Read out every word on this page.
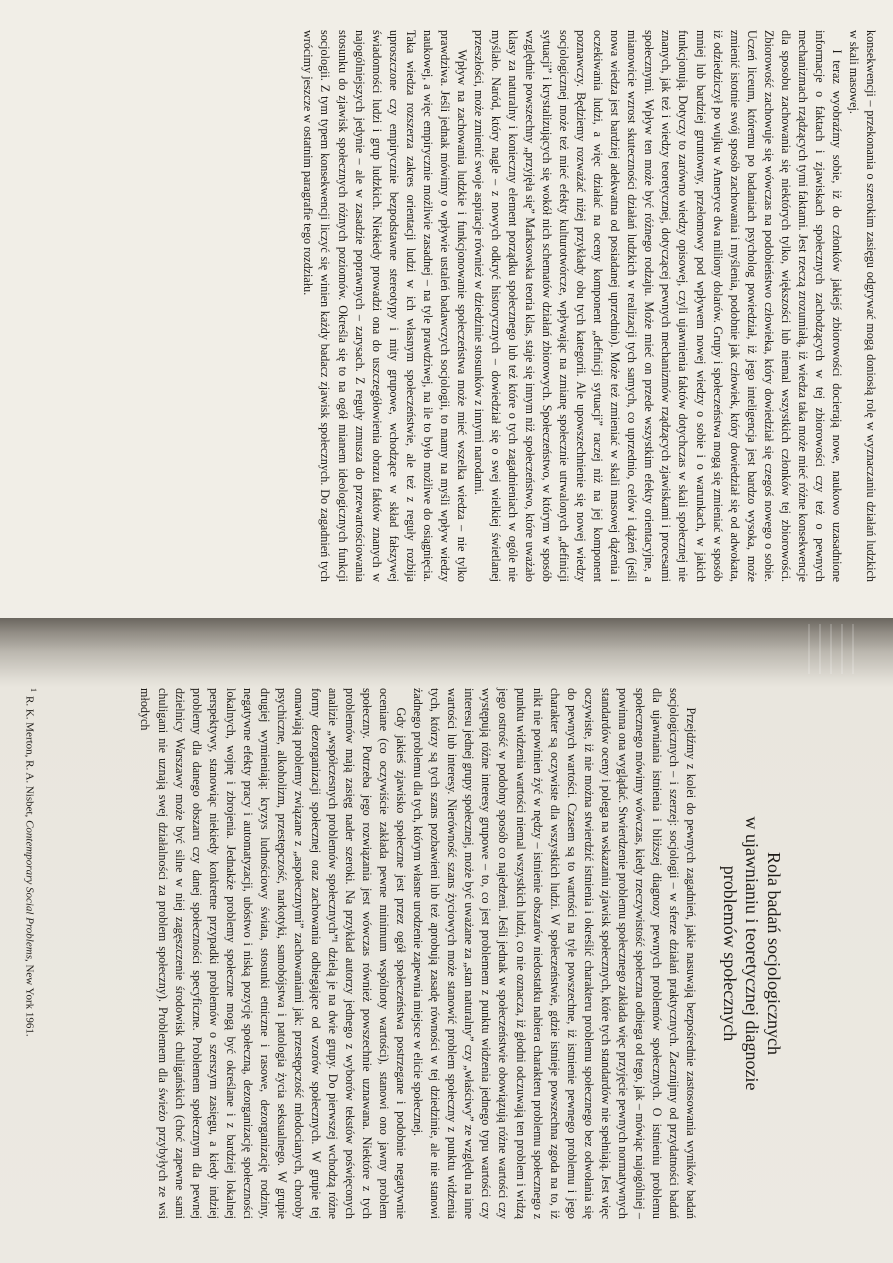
konsekwencji – przekonania o szerokim zasięgu odgrywać mogą doniosłą rolę w wyznaczaniu działań ludzkich w skali masowej.

I teraz wyobraźmy sobie, iż do członków jakiejś zbiorowości docierają nowe, naukowo uzasadnione informacje o faktach i zjawiskach społecznych zachodzących w tej zbiorowości czy też o pewnych mechanizmach rządzących tymi faktami. Jest rzeczą zrozumiałą, iż wiedza taka może mieć różne konsekwencje dla sposobu zachowania się niektórych tylko, większości lub niemal wszystkich członków tej zbiorowości. Zbiorowość zachowuje się wówczas na podobieństwo człowieka, który dowiedział się czegoś nowego o sobie. Uczeń liceum, któremu po badaniach psycholog powiedział, iż jego inteligencja jest bardzo wysoka, może zmienić istotnie swój sposób zachowania i myślenia, podobnie jak człowiek, który dowiedział się od adwokata, iż odziedziczył po wujku w Ameryce dwa miliony dolarów. Grupy i społeczeństwa mogą się zmieniać w sposób mniej lub bardziej gruntowny, przełomowy pod wpływem nowej wiedzy o sobie i o warunkach, w jakich funkcjonują. Dotyczy to zarówno wiedzy opisowej, czyli ujawnienia faktów dotychczas w skali społecznej nie znanych, jak też i wiedzy teoretycznej, dotyczącej pewnych mechanizmów rządzących zjawiskami i procesami społecznymi. Wpływ ten może być różnego rodzaju. Może mieć on przede wszystkim efekty orientacyjne, a mianowicie wzrost skuteczności działań ludzkich w realizacji tych samych, co uprzednio, celów i dążeń (jeśli nowa wiedza jest bardziej adekwatna od posiadanej uprzednio). Może też zmieniać w skali masowej dążenia i oczekiwania ludzi, a więc działać na oceny komponent „definicji sytuacji” raczej niż na jej komponent poznawczy. Będziemy rozważać niżej przykłady obu tych kategorii. Ale upowszechnienie się nowej wiedzy socjologicznej może też mieć efekty kulturotwórcze, wpływając na zmianę społecznie utrwalonych „definicji sytuacji” i krystalizujących się wokół nich schematów działań zbiorowych. Społeczeństwo, w którym w sposób względnie powszechny „przyjęła się” Marksowska teoria klas, staje się innym niż społeczeństwo, które uważało klasy za naturalny i konieczny element porządku społecznego lub też które o tych zagadnieniach w ogóle nie myślało. Naród, który nagle – z nowych odkryć historycznych – dowiedział się o swej wielkiej świetlanej przeszłości, może zmienić swoje aspiracje również w dziedzinie stosunków z innymi narodami.

Wpływ na zachowania ludzkie i funkcjonowanie społeczeństwa może mieć wszelka wiedza – nie tylko prawdziwa. Jeśli jednak mówimy o wpływie ustaleń badawczych socjologii, to mamy na myśli wpływ wiedzy naukowej, a więc empirycznie możliwie zasadnej – na tyle prawdziwej, na ile to było możliwe do osiągnięcia. Taka wiedza rozszerza zakres orientacji ludzi w ich własnym społeczeństwie, ale też z reguły rozbija uproszczone czy empirycznie bezpodstawne stereotypy i mity grupowe, wchodzące w skład fałszywej świadomości ludzi i grup ludzkich. Niekiedy prowadzi ona do uszczegółowienia obrazu faktów znanych w najogólniejszych jedynie – ale w zasadzie poprawnych – zarysach. Z reguły zmusza do przewartościowania stosunku do zjawisk społecznych różnych poziomów. Określa się to na ogół mianem ideologicznych funkcji socjologii. Z tym typem konsekwencji liczyć się winien każdy badacz zjawisk społecznych. Do zagadnień tych wrócimy jeszcze w ostatnim paragrafie tego rozdziału.

Rola badań socjologicznych
w ujawnianiu i teoretycznej diagnozie
problemów społecznych

Przejdźmy z kolei do pewnych zagadnień, jakie nasuwają bezpośrednie zastosowania wyników badań socjologicznych – i szerzej: socjologii – w sferze działań praktycznych. Zacznijmy od przydatności badań dla ujawniania istnienia i bliższej diagnozy pewnych problemów społecznych. O istnieniu problemu społecznego mówimy wówczas, kiedy rzeczywistość społeczna odbiega od tego, jak – mówiąc najogólniej – powinna ona wyglądać. Stwierdzenie problemu społecznego zakłada więc przyjęcie pewnych normatywnych standardów oceny i polega na wskazaniu zjawisk społecznych, które tych standardów nie spełniają. Jest więc oczywiste, iż nie można stwierdzić istnienia i określić charakteru problemu społecznego bez odwołania się do pewnych wartości. Czasem są to wartości na tyle powszechne, iż istnienie pewnego problemu i jego charakter są oczywiste dla wszystkich ludzi. W społeczeństwie, gdzie istnieje powszechna zgoda na to, iż nikt nie powinien żyć w nędzy – istnienie obszarów niedostatku nabiera charakteru problemu społecznego z punktu widzenia wartości niemal wszystkich ludzi, co nie oznacza, iż głodni odczuwają ten problem i widzą jego ostrość w podobny sposób co najedzeni. Jeśli jednak w społeczeństwie obowiązują różne wartości czy występują różne interesy grupowe – to, co jest problemem z punktu widzenia jednego typu wartości czy interesu jednej grupy społecznej, może być uważane za „stan naturalny” czy „właściwy” ze względu na inne wartości lub interesy. Nierówność szans życiowych może stanowić problem społeczny z punktu widzenia tych, którzy są tych szans pozbawieni lub też aprobują zasadę równości w tej dziedzinie, ale nie stanowi żadnego problemu dla tych, którym własne urodzenie zapewnia miejsce w elicie społecznej.

Gdy jakieś zjawisko społeczne jest przez ogół społeczeństwa postrzegane i podobnie negatywnie oceniane (co oczywiście zakłada pewne minimum wspólnoty wartości), stanowi ono jawny problem społeczny. Potrzeba jego rozwiązania jest wówczas również powszechnie uznawana. Niektóre z tych problemów mają zasięg nader szeroki. Na przykład autorzy jednego z wyborów tekstów poświęconych analizie „współczesnych problemów społecznych”¹ dzielą je na dwie grupy. Do pierwszej wchodzą różne formy dezorganizacji społecznej oraz zachowania odbiegające od wzorów społecznych. W grupie tej omawiają problemy związane z „aspołecznymi” zachowaniami jak: przestępczość młodocianych, choroby psychiczne, alkoholizm, przestępczość, narkotyki, samobójstwa i patologia życia seksualnego. W grupie drugiej wymieniają: kryzys ludnościowy świata, stosunki etniczne i rasowe, dezorganizację rodziny, negatywne efekty pracy i automatyzacji, ubóstwo i niską pozycję społeczną, dezorganizację społeczności lokalnych, wojnę i zbrojenia. Jednakże problemy społeczne mogą być określane i z bardziej lokalnej perspektywy, stanowiąc niekiedy konkretne przypadki problemów o szerszym zasięgu, a kiedy indziej problemy dla danego obszaru czy danej społeczności specyficzne. Problemem społecznym dla pewnej dzielnicy Warszawy może być silne w niej zagęszczenie środowisk chuligańskich (choć zapewne sami chuligani nie uznają swej działalności za problem społeczny). Problemem dla świeżo przybyłych ze wsi młodych

$^1$R. K. Merton, R. A. Nisbet, Contemporary Social Problems, New York 1961.
